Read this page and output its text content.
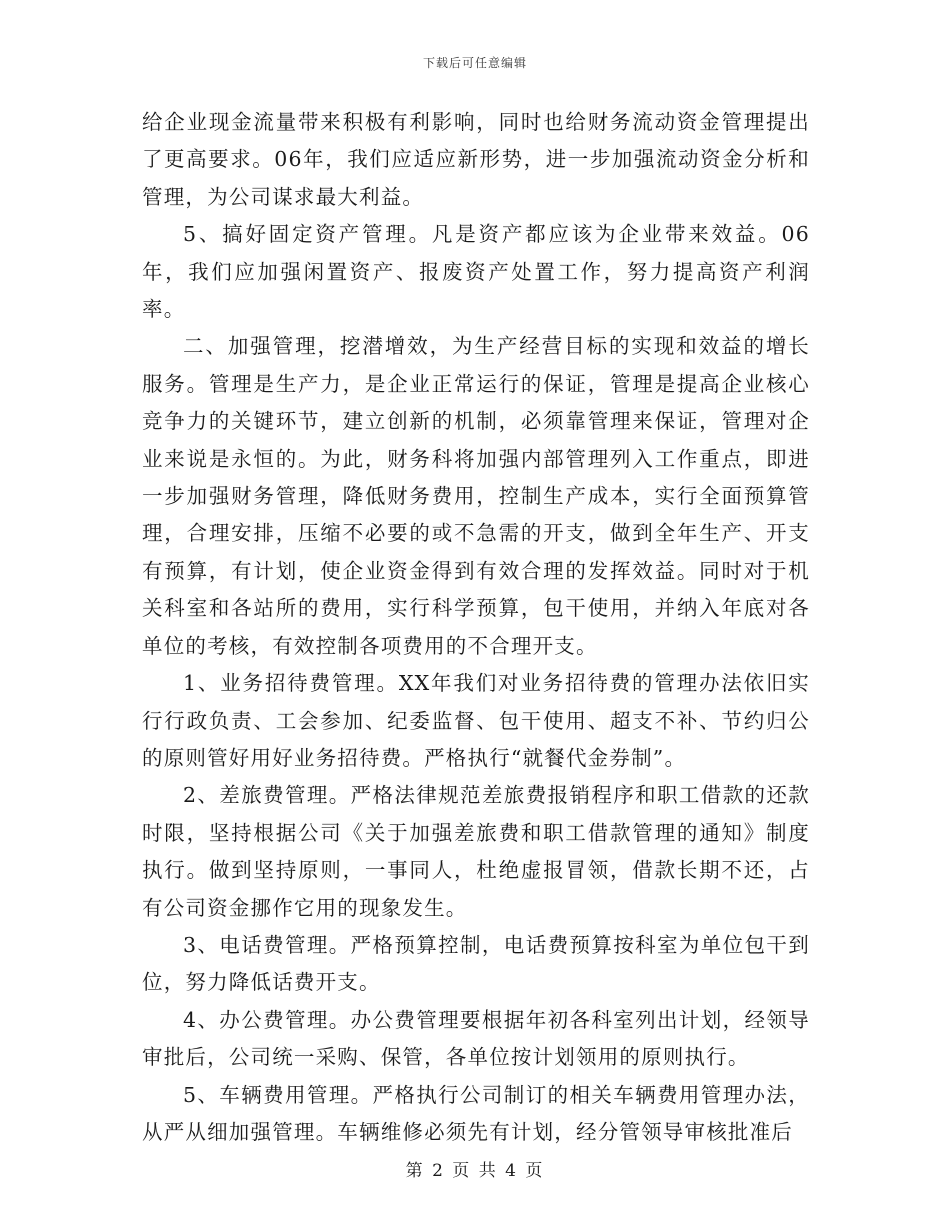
下载后可任意编辑

给企业现金流量带来积极有利影响，同时也给财务流动资金管理提出了更高要求。06年，我们应适应新形势，进一步加强流动资金分析和管理，为公司谋求最大利益。

5、搞好固定资产管理。凡是资产都应该为企业带来效益。06年，我们应加强闲置资产、报废资产处置工作，努力提高资产利润率。

二、加强管理，挖潜增效，为生产经营目标的实现和效益的增长服务。管理是生产力，是企业正常运行的保证，管理是提高企业核心竞争力的关键环节，建立创新的机制，必须靠管理来保证，管理对企业来说是永恒的。为此，财务科将加强内部管理列入工作重点，即进一步加强财务管理，降低财务费用，控制生产成本，实行全面预算管理，合理安排，压缩不必要的或不急需的开支，做到全年生产、开支有预算，有计划，使企业资金得到有效合理的发挥效益。同时对于机关科室和各站所的费用，实行科学预算，包干使用，并纳入年底对各单位的考核，有效控制各项费用的不合理开支。

1、业务招待费管理。XX年我们对业务招待费的管理办法依旧实行行政负责、工会参加、纪委监督、包干使用、超支不补、节约归公的原则管好用好业务招待费。严格执行“就餐代金券制”。

2、差旅费管理。严格法律规范差旅费报销程序和职工借款的还款时限，坚持根据公司《关于加强差旅费和职工借款管理的通知》制度执行。做到坚持原则，一事同人，杜绝虚报冒领，借款长期不还，占有公司资金挪作它用的现象发生。

3、电话费管理。严格预算控制，电话费预算按科室为单位包干到位，努力降低话费开支。

4、办公费管理。办公费管理要根据年初各科室列出计划，经领导审批后，公司统一采购、保管，各单位按计划领用的原则执行。

5、车辆费用管理。严格执行公司制订的相关车辆费用管理办法，从严从细加强管理。车辆维修必须先有计划，经分管领导审核批准后

第 2 页 共 4 页
